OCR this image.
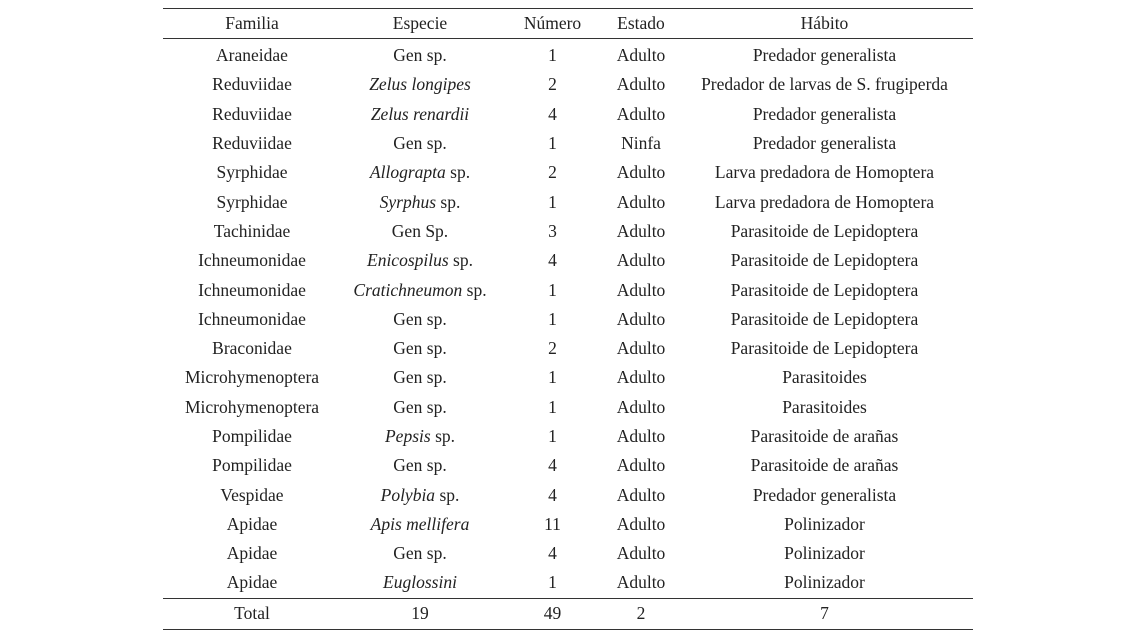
Familia	Especie	Número	Estado	Hábito
Araneidae	Gen sp.	1	Adulto	Predador generalista
Reduviidae	Zelus longipes	2	Adulto	Predador de larvas de S. frugiperda
Reduviidae	Zelus renardii	4	Adulto	Predador generalista
Reduviidae	Gen sp.	1	Ninfa	Predador generalista
Syrphidae	Allograpta sp.	2	Adulto	Larva predadora de Homoptera
Syrphidae	Syrphus sp.	1	Adulto	Larva predadora de Homoptera
Tachinidae	Gen Sp.	3	Adulto	Parasitoide de Lepidoptera
Ichneumonidae	Enicospilus sp.	4	Adulto	Parasitoide de Lepidoptera
Ichneumonidae	Cratichneumon sp.	1	Adulto	Parasitoide de Lepidoptera
Ichneumonidae	Gen sp.	1	Adulto	Parasitoide de Lepidoptera
Braconidae	Gen sp.	2	Adulto	Parasitoide de Lepidoptera
Microhymenoptera	Gen sp.	1	Adulto	Parasitoides
Microhymenoptera	Gen sp.	1	Adulto	Parasitoides
Pompilidae	Pepsis sp.	1	Adulto	Parasitoide de arañas
Pompilidae	Gen sp.	4	Adulto	Parasitoide de arañas
Vespidae	Polybia sp.	4	Adulto	Predador generalista
Apidae	Apis mellifera	11	Adulto	Polinizador
Apidae	Gen sp.	4	Adulto	Polinizador
Apidae	Euglossini	1	Adulto	Polinizador
Total	19	49	2	7
